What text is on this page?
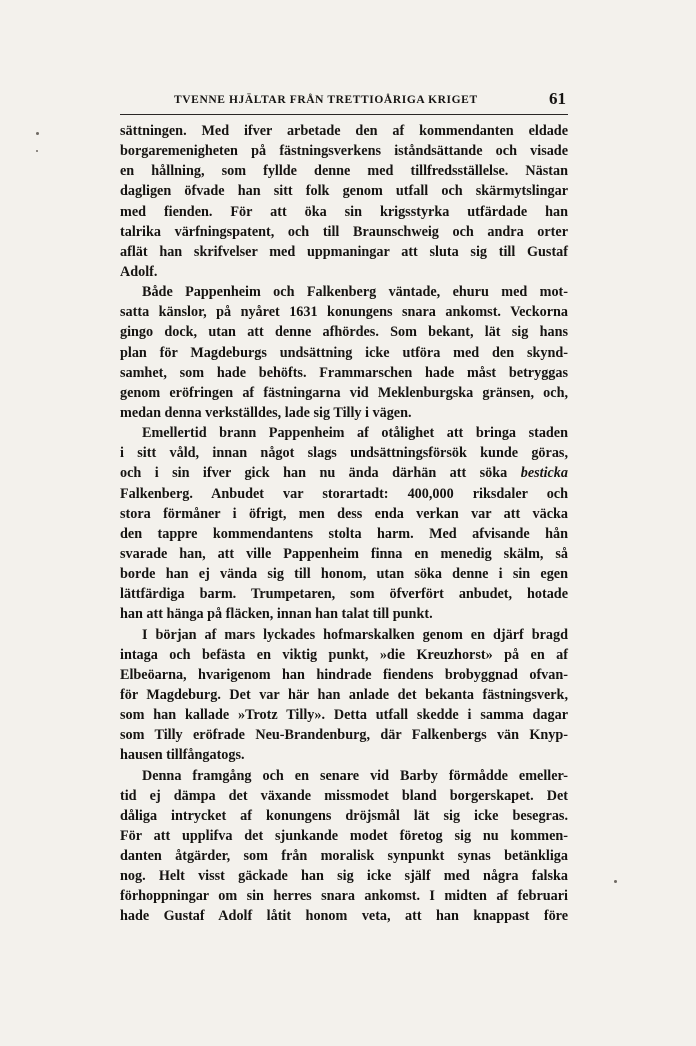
TVENNE HJÄLTAR FRÅN TRETTIOÅRIGA KRIGET	61
sättningen. Med ifver arbetade den af kommendanten eldade
borgaremenigheten på fästningsverkens iståndsättande och visade
en hållning, som fyllde denne med tillfredsställelse. Nästan
dagligen öfvade han sitt folk genom utfall och skärmytslingar
med fienden. För att öka sin krigsstyrka utfärdade han
talrika värfningspatent, och till Braunschweig och andra orter
aflät han skrifvelser med uppmaningar att sluta sig till Gustaf
Adolf.
Både Pappenheim och Falkenberg väntade, ehuru med mot-
satta känslor, på nyåret 1631 konungens snara ankomst. Veckorna
gingo dock, utan att denne afhördes. Som bekant, lät sig hans
plan för Magdeburgs undsättning icke utföra med den skynd-
samhet, som hade behöfts. Frammarschen hade måst betryggas
genom eröfringen af fästningarna vid Meklenburgska gränsen, och,
medan denna verkställdes, lade sig Tilly i vägen.
Emellertid brann Pappenheim af otålighet att bringa staden
i sitt våld, innan något slags undsättningsförsök kunde göras,
och i sin ifver gick han nu ända därhän att söka besticka
Falkenberg. Anbudet var storartadt: 400,000 riksdaler och
stora förmåner i öfrigt, men dess enda verkan var att väcka
den tappre kommendantens stolta harm. Med afvisande hån
svarade han, att ville Pappenheim finna en menedig skälm, så
borde han ej vända sig till honom, utan söka denne i sin egen
lättfärdiga barm. Trumpetaren, som öfverfört anbudet, hotade
han att hänga på fläcken, innan han talat till punkt.
I början af mars lyckades hofmarskalken genom en djärf bragd
intaga och befästa en viktig punkt, »die Kreuzhorst» på en af
Elbeöarna, hvarigenom han hindrade fiendens brobyggnad ofvan-
för Magdeburg. Det var här han anlade det bekanta fästningsverk,
som han kallade »Trotz Tilly». Detta utfall skedde i samma dagar
som Tilly eröfrade Neu-Brandenburg, där Falkenbergs vän Knyp-
hausen tillfångatogs.
Denna framgång och en senare vid Barby förmådde emeller-
tid ej dämpa det växande missmodet bland borgerskapet. Det
dåliga intrycket af konungens dröjsmål lät sig icke besegras.
För att upplifva det sjunkande modet företog sig nu kommen-
danten åtgärder, som från moralisk synpunkt synas betänkliga
nog. Helt visst gäckade han sig icke själf med några falska
förhoppningar om sin herres snara ankomst. I midten af februari
hade Gustaf Adolf låtit honom veta, att han knappast före
